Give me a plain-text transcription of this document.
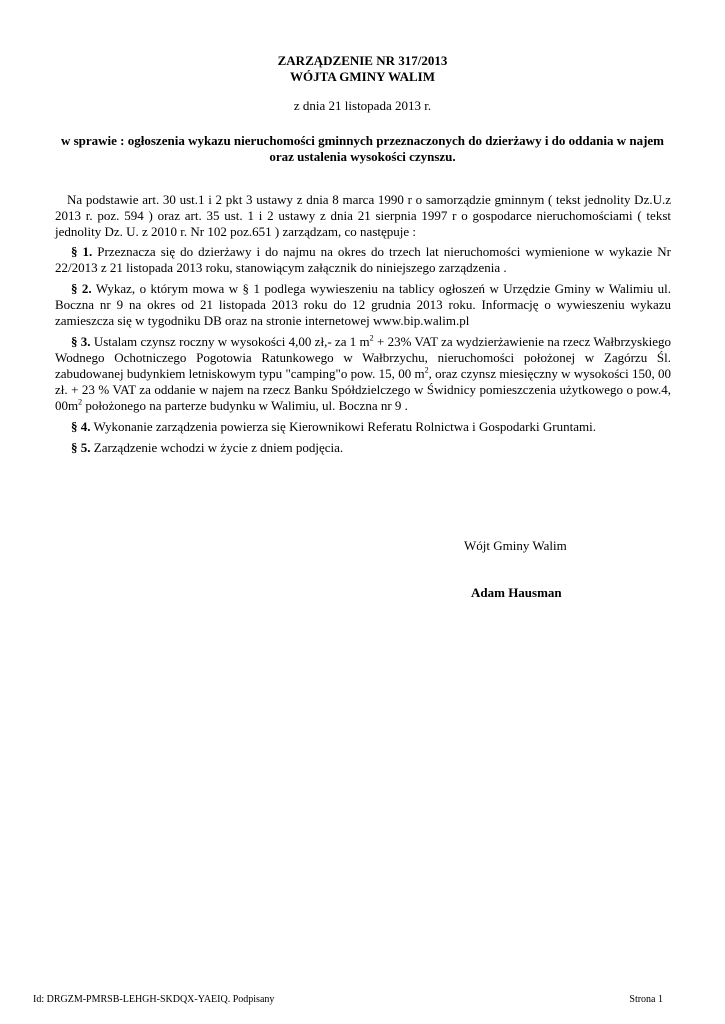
ZARZĄDZENIE NR 317/2013
WÓJTA GMINY WALIM
z dnia 21 listopada 2013 r.
w sprawie : ogłoszenia wykazu nieruchomości gminnych przeznaczonych do dzierżawy i do oddania w najem
oraz ustalenia wysokości czynszu.

Na podstawie art. 30 ust.1 i 2 pkt 3 ustawy z dnia 8 marca 1990 r o samorządzie gminnym ( tekst jednolity Dz.U.z 2013 r. poz. 594 ) oraz art. 35 ust. 1 i 2 ustawy z dnia 21 sierpnia 1997 r o gospodarce nieruchomościami ( tekst jednolity Dz. U. z 2010 r. Nr 102 poz.651 ) zarządzam, co następuje :

§ 1. Przeznacza się do dzierżawy i do najmu na okres do trzech lat nieruchomości wymienione w wykazie Nr 22/2013 z 21 listopada 2013 roku, stanowiącym załącznik do niniejszego zarządzenia .

§ 2. Wykaz, o którym mowa w § 1 podlega wywieszeniu na tablicy ogłoszeń w Urzędzie Gminy w Walimiu ul. Boczna nr 9 na okres od 21 listopada 2013 roku do 12 grudnia 2013 roku. Informację o wywieszeniu wykazu zamieszcza się w tygodniku DB oraz na stronie internetowej www.bip.walim.pl

§ 3. Ustalam czynsz roczny w wysokości 4,00 zł,- za 1 $m^2 + 23\%$ VAT za wydzierżawienie na rzecz Wałbrzyskiego Wodnego Ochotniczego Pogotowia Ratunkowego w Wałbrzychu, nieruchomości położonej w Zagórzu Śl. zabudowanej budynkiem letniskowym typu "camping"o pow. 15, 00 $m^2$, oraz czynsz miesięczny w wysokości 150, 00 zł. + 23 % VAT za oddanie w najem na rzecz Banku Spółdzielczego w Świdnicy pomieszczenia użytkowego o pow.4, $00m^2$ położonego na parterze budynku w Walimiu, ul. Boczna nr 9 .

§ 4. Wykonanie zarządzenia powierza się Kierownikowi Referatu Rolnictwa i Gospodarki Gruntami.

§ 5. Zarządzenie wchodzi w życie z dniem podjęcia.

Wójt Gminy Walim
Adam Hausman
Id: DRGZM-PMRSB-LEHGH-SKDQX-YAEIQ. Podpisany	Strona 1
